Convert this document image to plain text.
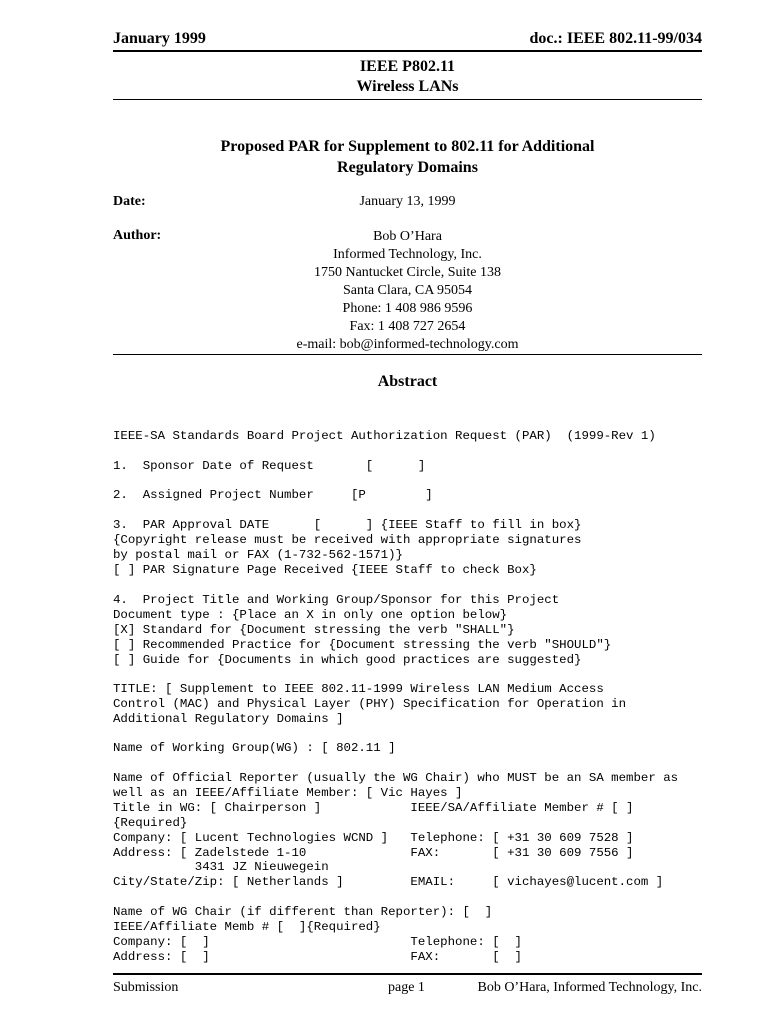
January 1999	doc.: IEEE 802.11-99/034
IEEE P802.11
Wireless LANs
Proposed PAR for Supplement to 802.11 for Additional
Regulatory Domains
Date:	January 13, 1999
Author:	Bob O’Hara
Informed Technology, Inc.
1750 Nantucket Circle, Suite 138
Santa Clara, CA 95054
Phone: 1 408 986 9596
Fax: 1 408 727 2654
e-mail: bob@informed-technology.com
Abstract
IEEE-SA Standards Board Project Authorization Request (PAR)  (1999-Rev 1)
1.  Sponsor Date of Request       [      ]
2.  Assigned Project Number     [P        ]
3.  PAR Approval DATE      [      ] {IEEE Staff to fill in box}
{Copyright release must be received with appropriate signatures
by postal mail or FAX (1-732-562-1571)}
[ ] PAR Signature Page Received {IEEE Staff to check Box}
4.  Project Title and Working Group/Sponsor for this Project
Document type : {Place an X in only one option below}
[X] Standard for {Document stressing the verb "SHALL"}
[ ] Recommended Practice for {Document stressing the verb "SHOULD"}
[ ] Guide for {Documents in which good practices are suggested}
TITLE: [ Supplement to IEEE 802.11-1999 Wireless LAN Medium Access
Control (MAC) and Physical Layer (PHY) Specification for Operation in
Additional Regulatory Domains ]
Name of Working Group(WG) : [ 802.11 ]
Name of Official Reporter (usually the WG Chair) who MUST be an SA member as
well as an IEEE/Affiliate Member: [ Vic Hayes ]
Title in WG: [ Chairperson ]            IEEE/SA/Affiliate Member # [ ]
{Required}
Company: [ Lucent Technologies WCND ]   Telephone: [ +31 30 609 7528 ]
Address: [ Zadelstede 1-10              FAX:       [ +31 30 609 7556 ]
3431 JZ Nieuwegein
City/State/Zip: [ Netherlands ]         EMAIL:     [ vichayes@lucent.com ]
Name of WG Chair (if different than Reporter): [  ]
IEEE/Affiliate Memb # [  ]{Required}
Company: [  ]                           Telephone: [  ]
Address: [  ]                           FAX:       [  ]
Submission	page 1	Bob O’Hara, Informed Technology, Inc.
